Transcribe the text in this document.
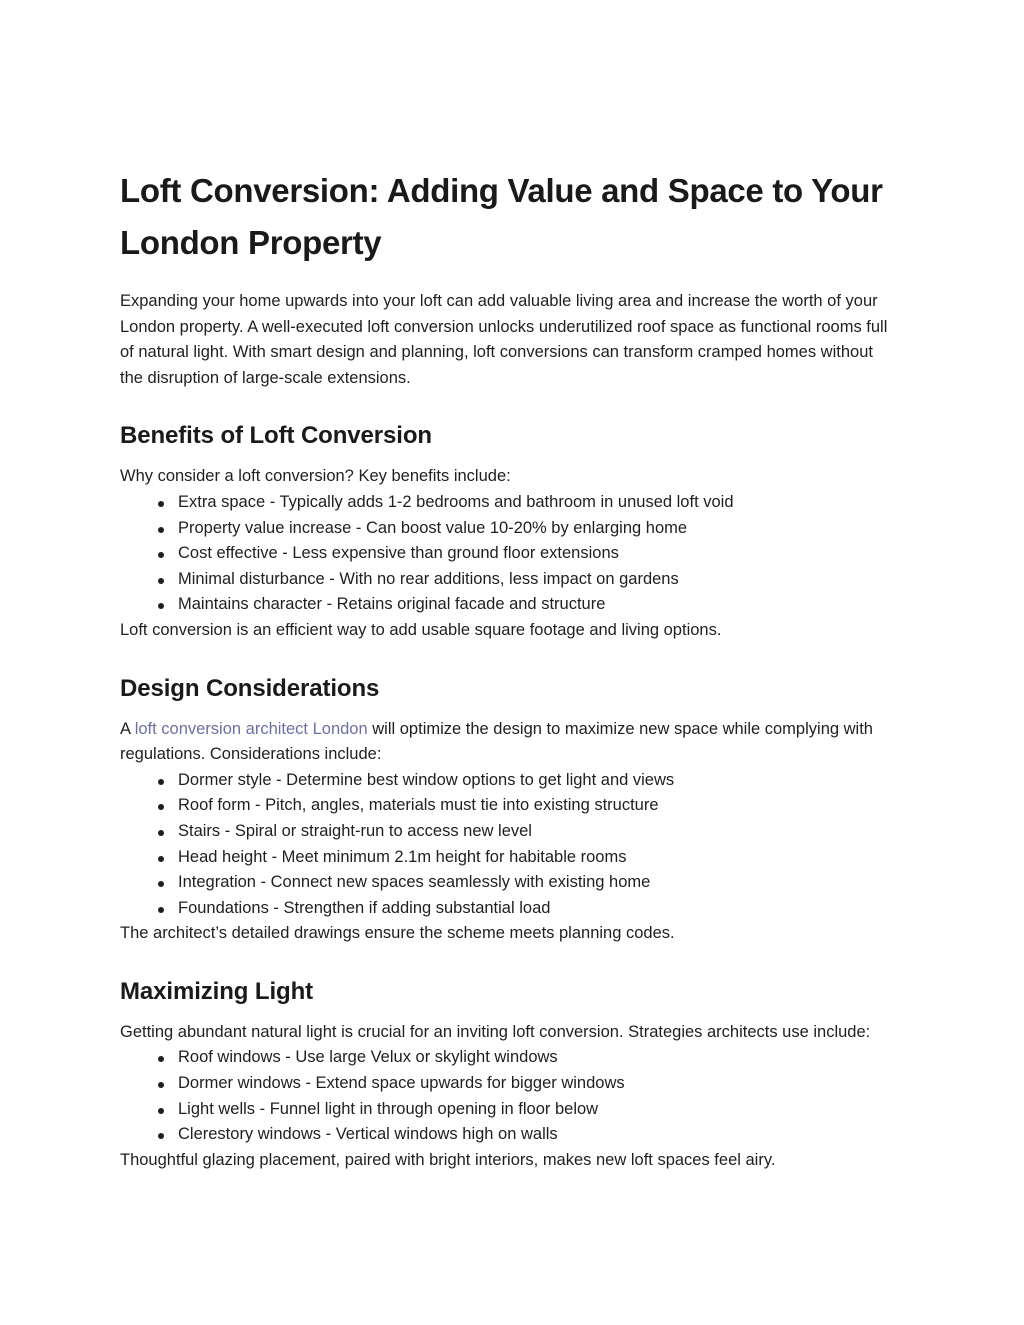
Loft Conversion: Adding Value and Space to Your London Property

Expanding your home upwards into your loft can add valuable living area and increase the worth of your London property. A well-executed loft conversion unlocks underutilized roof space as functional rooms full of natural light. With smart design and planning, loft conversions can transform cramped homes without the disruption of large-scale extensions.

Benefits of Loft Conversion

Why consider a loft conversion? Key benefits include:

Extra space - Typically adds 1-2 bedrooms and bathroom in unused loft void
Property value increase - Can boost value 10-20% by enlarging home
Cost effective - Less expensive than ground floor extensions
Minimal disturbance - With no rear additions, less impact on gardens
Maintains character - Retains original facade and structure

Loft conversion is an efficient way to add usable square footage and living options.

Design Considerations

A loft conversion architect London will optimize the design to maximize new space while complying with regulations. Considerations include:

Dormer style - Determine best window options to get light and views
Roof form - Pitch, angles, materials must tie into existing structure
Stairs - Spiral or straight-run to access new level
Head height - Meet minimum 2.1m height for habitable rooms
Integration - Connect new spaces seamlessly with existing home
Foundations - Strengthen if adding substantial load

The architect’s detailed drawings ensure the scheme meets planning codes.

Maximizing Light

Getting abundant natural light is crucial for an inviting loft conversion. Strategies architects use include:

Roof windows - Use large Velux or skylight windows
Dormer windows - Extend space upwards for bigger windows
Light wells - Funnel light in through opening in floor below
Clerestory windows - Vertical windows high on walls

Thoughtful glazing placement, paired with bright interiors, makes new loft spaces feel airy.
